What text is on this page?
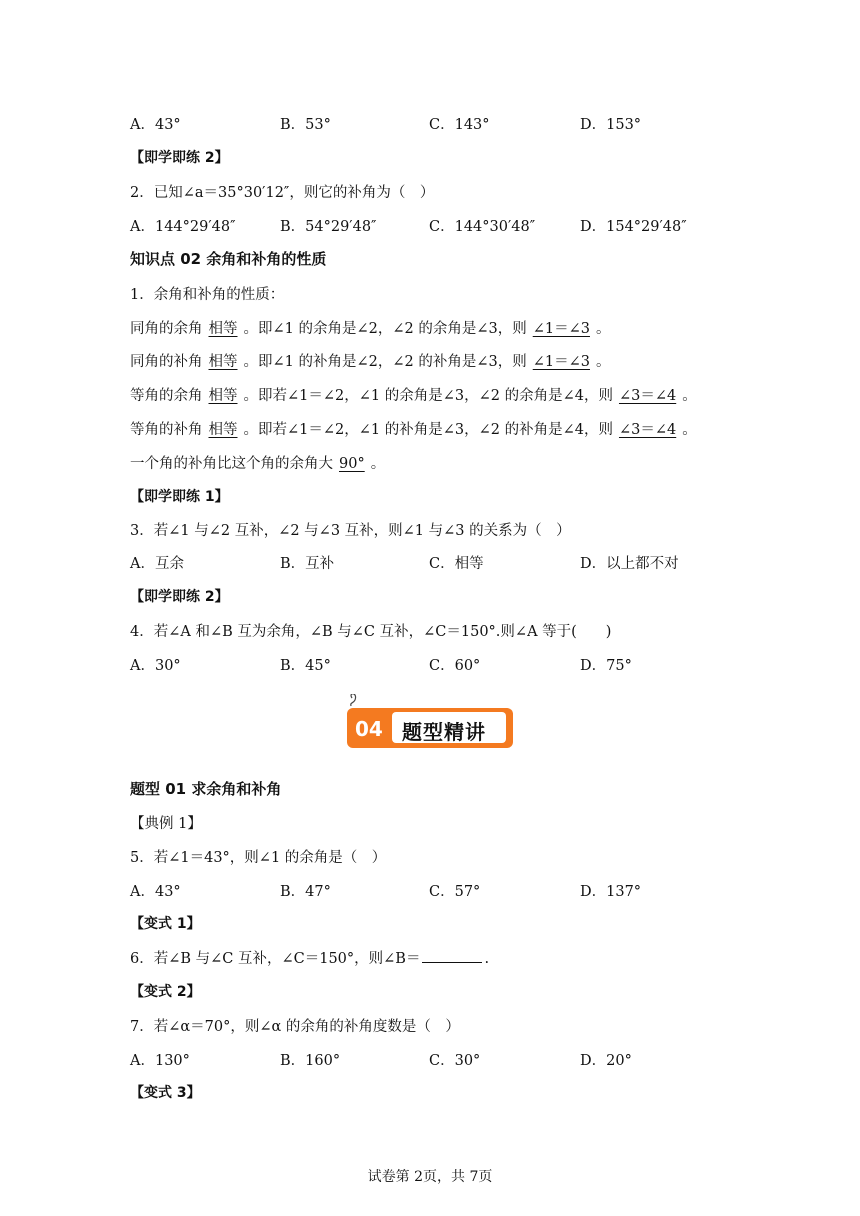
A．43°	B．53°	C．143°	D．153°
【即学即练 2】
2．已知∠a＝35°30′12″，则它的补角为（　）
A．144°29′48″	B．54°29′48″	C．144°30′48″	D．154°29′48″
知识点 02 余角和补角的性质
1．余角和补角的性质：
同角的余角 相等 。即∠1 的余角是∠2，∠2 的余角是∠3，则 ∠1＝∠3 。
同角的补角 相等 。即∠1 的补角是∠2，∠2 的补角是∠3，则 ∠1＝∠3 。
等角的余角 相等 。即若∠1＝∠2，∠1 的余角是∠3，∠2 的余角是∠4，则 ∠3＝∠4 。
等角的补角 相等 。即若∠1＝∠2，∠1 的补角是∠3，∠2 的补角是∠4，则 ∠3＝∠4 。
一个角的补角比这个角的余角大 90° 。
【即学即练 1】
3．若∠1 与∠2 互补，∠2 与∠3 互补，则∠1 与∠3 的关系为（　）
A．互余	B．互补	C．相等	D．以上都不对
【即学即练 2】
4．若∠A 和∠B 互为余角，∠B 与∠C 互补，∠C＝150°.则∠A 等于(　　)
A．30°	B．45°	C．60°	D．75°
04 题型精讲
题型 01 求余角和补角
【典例 1】
5．若∠1＝43°，则∠1 的余角是（　）
A．43°	B．47°	C．57°	D．137°
【变式 1】
6．若∠B 与∠C 互补，∠C＝150°，则∠B＝	.
【变式 2】
7．若∠α＝70°，则∠α 的余角的补角度数是（　）
A．130°	B．160°	C．30°	D．20°
【变式 3】
试卷第 2页，共 7页
